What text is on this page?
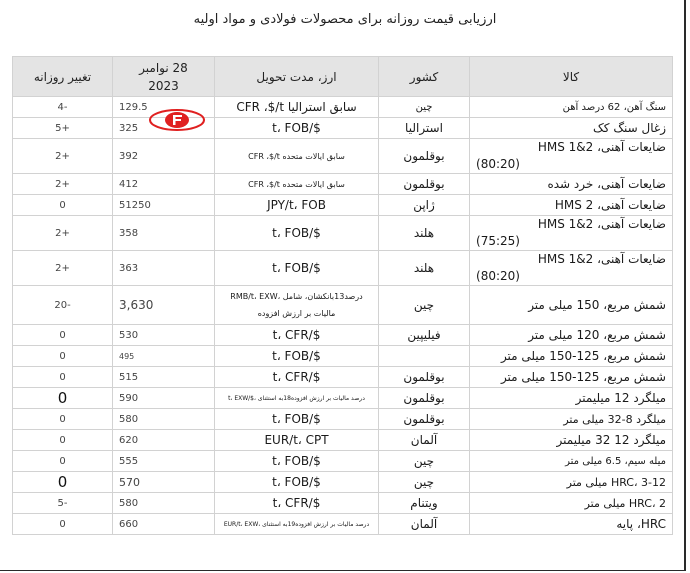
ارزیابی قیمت روزانه برای محصولات فولادی و مواد اولیه
کالا	کشور	ارز، مدت تحویل	28 نوامبر
2023	تغییر روزانه
سنگ آهن، 62 درصد آهن	چین	سابق استرالیا CFR ،$/t	129.5	-4
زغال سنگ کک	استرالیا	$/t، FOB	325	+5
ضایعات آهنی، HMS 1&2
(80:20)	بوقلمون	سابق ایالات متحده CFR ،$/t	392	+2
ضایعات آهنی، خرد شده	بوقلمون	سابق ایالات متحده CFR ،$/t	412	+2
ضایعات آهنی، HMS 2	ژاپن	JPY/t، FOB	51250	0
ضایعات آهنی، HMS 1&2
(75:25)	هلند	$/t، FOB	358	+2
ضایعات آهنی، HMS 1&2
(80:20)	هلند	$/t، FOB	363	+2
شمش مربع، 150 میلی متر	چین	درصد13بانکشان، شامل ،RMB/t، EXW
مالیات بر ارزش افزوده	3,630	-20
شمش مربع، 120 میلی متر	فیلیپین	$/t، CFR	530	0
شمش مربع، 125-150 میلی متر		$/t، FOB	495	0
شمش مربع، 125-150 میلی متر	بوقلمون	$/t، CFR	515	0
میلگرد 12 میلیمتر	بوقلمون	درصد مالیات بر ارزش افزوده18به استثنای ،$/t، EXW	590	0
میلگرد 8-32 میلی متر	بوقلمون	$/t، FOB	580	0
میلگرد 12 32 میلیمتر	آلمان	EUR/t، CPT	620	0
میله سیم، 6.5 میلی متر	چین	$/t، FOB	555	0
HRC، 3-12 میلی متر	چین	$/t، FOB	570	0
HRC، 2 میلی متر	ویتنام	$/t، CFR	580	-5
HRC، پایه	آلمان	درصد مالیات بر ارزش افزوده19به استثنای ،EUR/t، EXW	660	0
